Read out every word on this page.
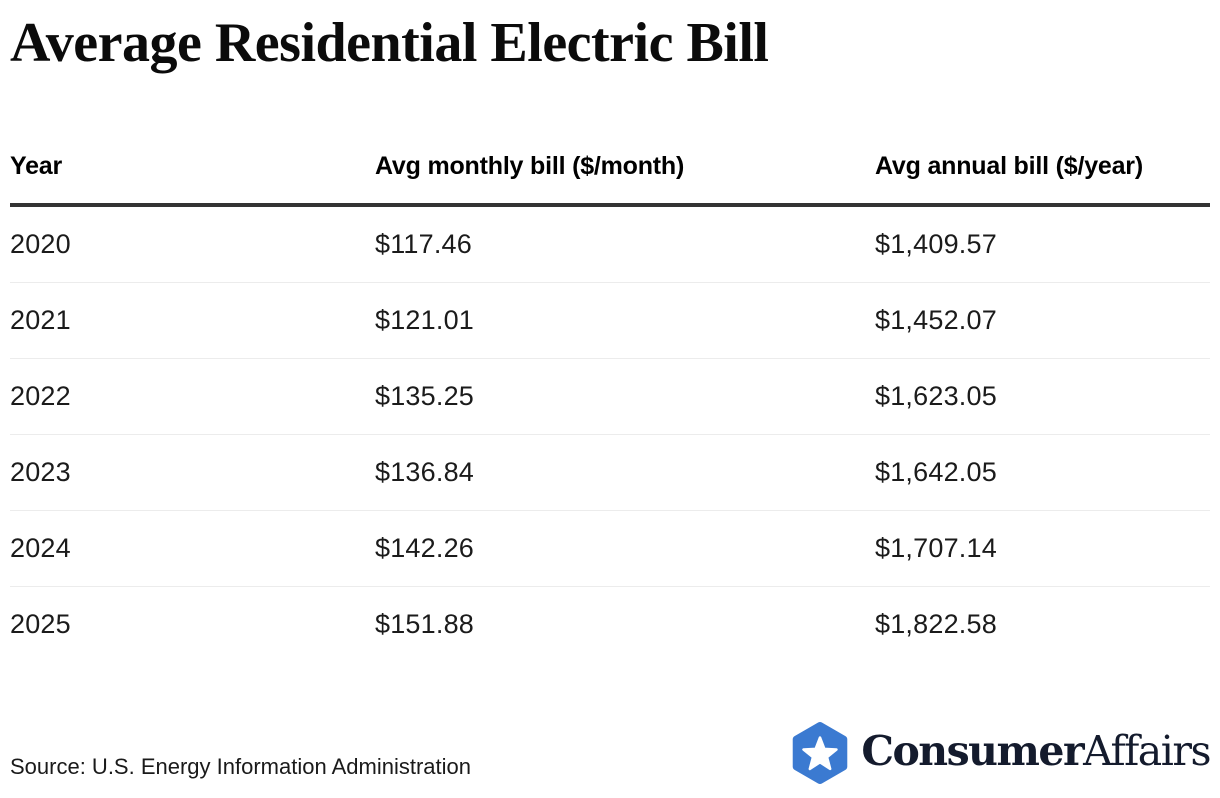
Average Residential Electric Bill
Year	Avg monthly bill ($/month)	Avg annual bill ($/year)
2020	$117.46	$1,409.57
2021	$121.01	$1,452.07
2022	$135.25	$1,623.05
2023	$136.84	$1,642.05
2024	$142.26	$1,707.14
2025	$151.88	$1,822.58
Source: U.S. Energy Information Administration	ConsumerAffairs
